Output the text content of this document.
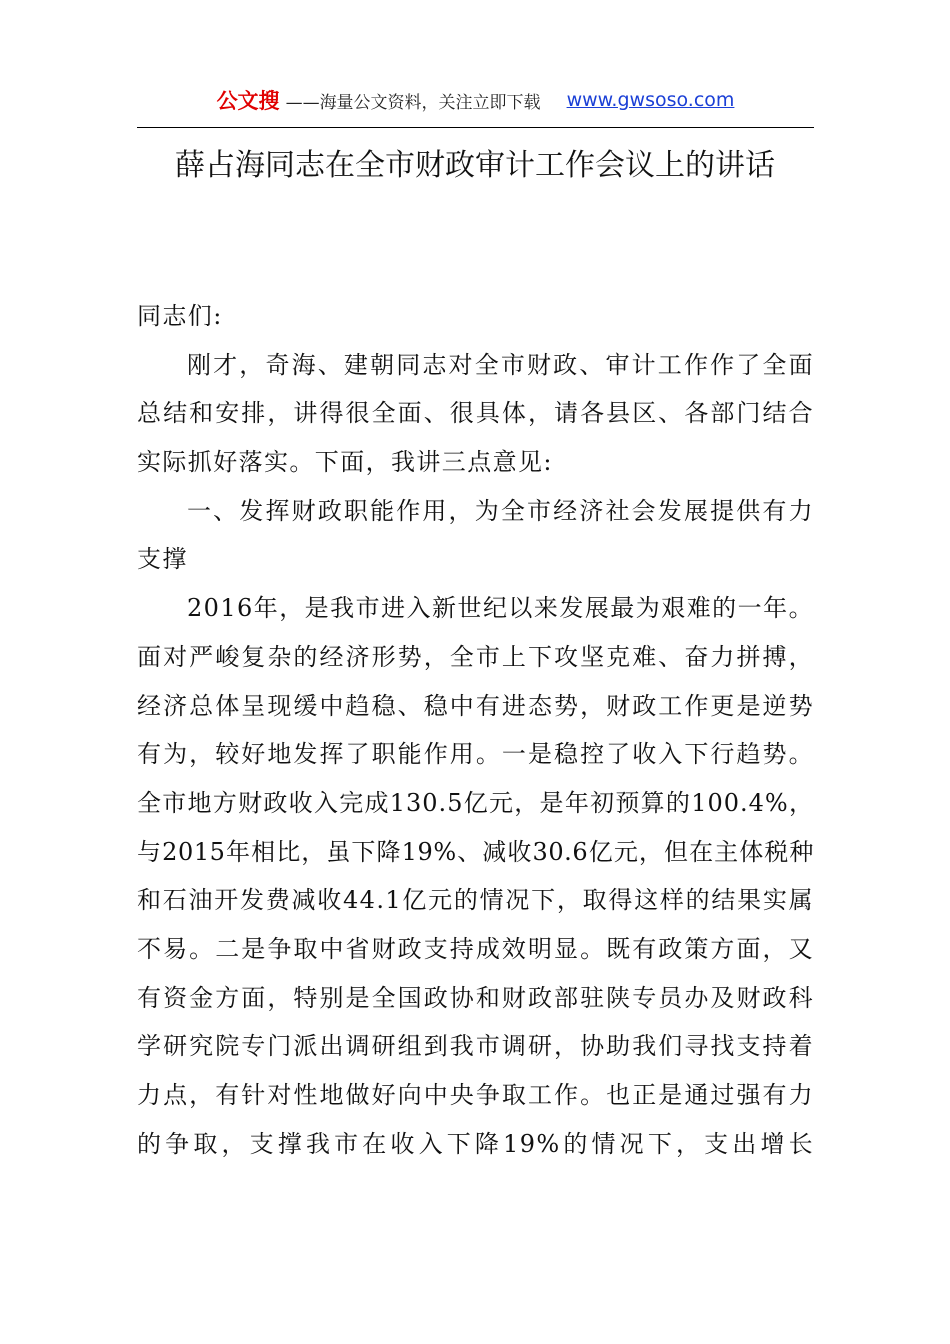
公文搜 ——海量公文资料，关注立即下载 www.gwsoso.com
薛占海同志在全市财政审计工作会议上的讲话
同志们:
刚才，奇海、建朝同志对全市财政、审计工作作了全面
总结和安排，讲得很全面、很具体，请各县区、各部门结合
实际抓好落实。下面，我讲三点意见:
一、发挥财政职能作用，为全市经济社会发展提供有力
支撑
2016年，是我市进入新世纪以来发展最为艰难的一年。
面对严峻复杂的经济形势，全市上下攻坚克难、奋力拼搏，
经济总体呈现缓中趋稳、稳中有进态势，财政工作更是逆势
有为，较好地发挥了职能作用。一是稳控了收入下行趋势。
全市地方财政收入完成130.5亿元，是年初预算的100.4%，
与2015年相比，虽下降19%、减收30.6亿元，但在主体税种
和石油开发费减收44.1亿元的情况下，取得这样的结果实属
不易。二是争取中省财政支持成效明显。既有政策方面，又
有资金方面，特别是全国政协和财政部驻陕专员办及财政科
学研究院专门派出调研组到我市调研，协助我们寻找支持着
力点，有针对性地做好向中央争取工作。也正是通过强有力
的争取，支撑我市在收入下降19%的情况下，支出增长
